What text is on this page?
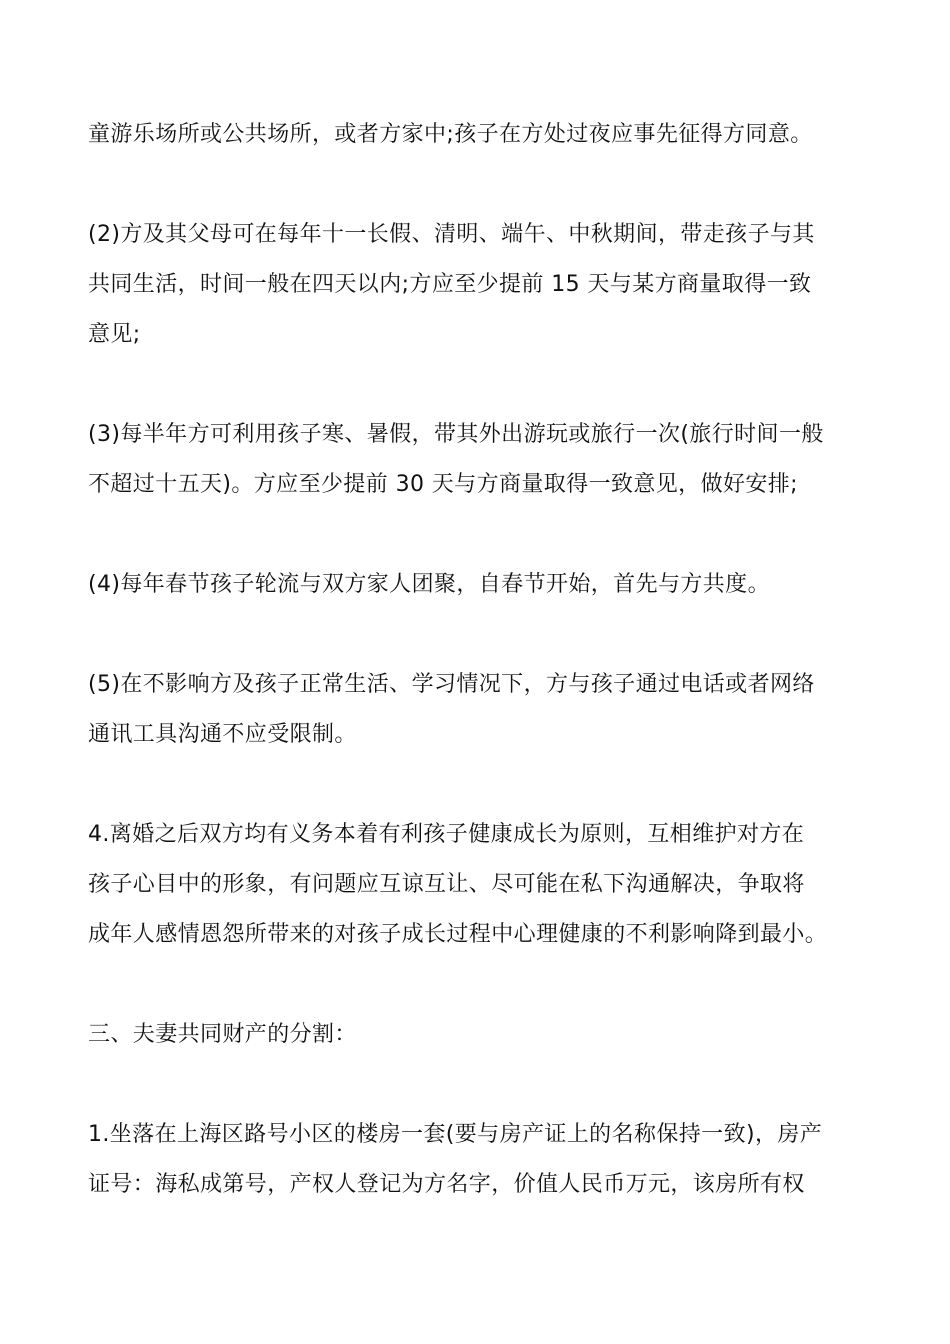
童游乐场所或公共场所，或者方家中;孩子在方处过夜应事先征得方同意。
(2)方及其父母可在每年十一长假、清明、端午、中秋期间，带走孩子与其
共同生活，时间一般在四天以内;方应至少提前 15 天与某方商量取得一致
意见;
(3)每半年方可利用孩子寒、暑假，带其外出游玩或旅行一次(旅行时间一般
不超过十五天)。方应至少提前 30 天与方商量取得一致意见，做好安排;
(4)每年春节孩子轮流与双方家人团聚，自春节开始，首先与方共度。
(5)在不影响方及孩子正常生活、学习情况下，方与孩子通过电话或者网络
通讯工具沟通不应受限制。
4.离婚之后双方均有义务本着有利孩子健康成长为原则，互相维护对方在
孩子心目中的形象，有问题应互谅互让、尽可能在私下沟通解决，争取将
成年人感情恩怨所带来的对孩子成长过程中心理健康的不利影响降到最小。
三、夫妻共同财产的分割：
1.坐落在上海区路号小区的楼房一套(要与房产证上的名称保持一致)，房产
证号：海私成第号，产权人登记为方名字，价值人民币万元，该房所有权
